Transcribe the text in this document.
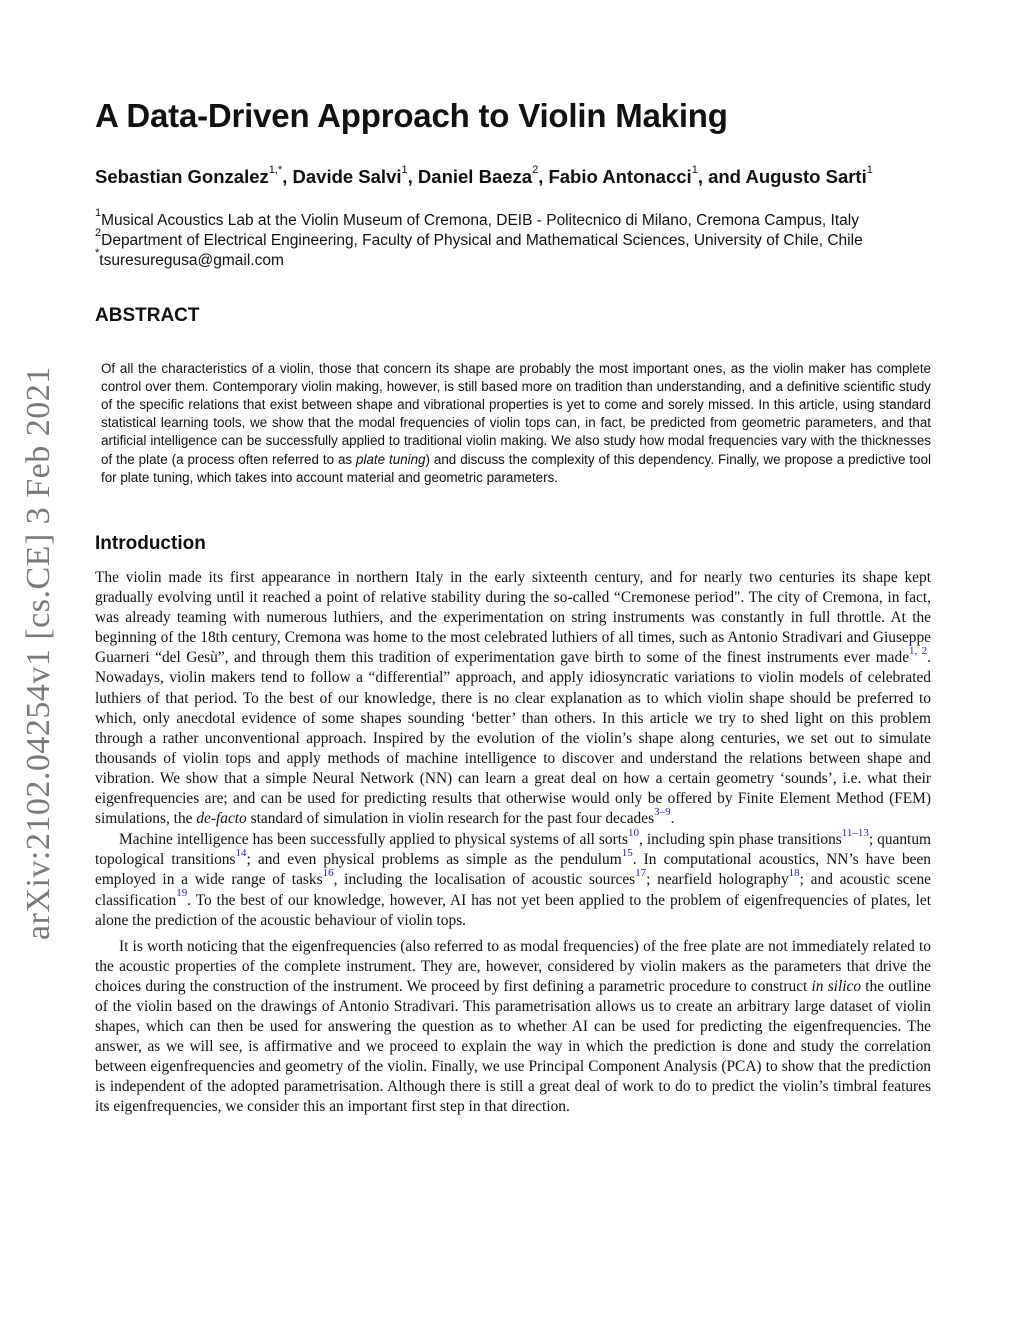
arXiv:2102.04254v1 [cs.CE] 3 Feb 2021
A Data-Driven Approach to Violin Making
Sebastian Gonzalez$^{1,*}$, Davide Salvi$^1$, Daniel Baeza$^2$, Fabio Antonacci$^1$, and Augusto Sarti$^1$
$^1$Musical Acoustics Lab at the Violin Museum of Cremona, DEIB - Politecnico di Milano, Cremona Campus, Italy
$^2$Department of Electrical Engineering, Faculty of Physical and Mathematical Sciences, University of Chile, Chile
*tsuresuregusa@gmail.com
ABSTRACT
Of all the characteristics of a violin, those that concern its shape are probably the most important ones, as the violin maker has complete control over them. Contemporary violin making, however, is still based more on tradition than understanding, and a definitive scientific study of the specific relations that exist between shape and vibrational properties is yet to come and sorely missed. In this article, using standard statistical learning tools, we show that the modal frequencies of violin tops can, in fact, be predicted from geometric parameters, and that artificial intelligence can be successfully applied to traditional violin making. We also study how modal frequencies vary with the thicknesses of the plate (a process often referred to as plate tuning) and discuss the complexity of this dependency. Finally, we propose a predictive tool for plate tuning, which takes into account material and geometric parameters.
Introduction

The violin made its first appearance in northern Italy in the early sixteenth century, and for nearly two centuries its shape kept gradually evolving until it reached a point of relative stability during the so-called “Cremonese period". The city of Cremona, in fact, was already teaming with numerous luthiers, and the experimentation on string instruments was constantly in full throttle. At the beginning of the 18th century, Cremona was home to the most celebrated luthiers of all times, such as Antonio Stradivari and Giuseppe Guarneri “del Gesù”, and through them this tradition of experimentation gave birth to some of the finest instruments ever made$^{1, 2}$. Nowadays, violin makers tend to follow a “differential” approach, and apply idiosyncratic variations to violin models of celebrated luthiers of that period. To the best of our knowledge, there is no clear explanation as to which violin shape should be preferred to which, only anecdotal evidence of some shapes sounding ‘better’ than others. In this article we try to shed light on this problem through a rather unconventional approach. Inspired by the evolution of the violin’s shape along centuries, we set out to simulate thousands of violin tops and apply methods of machine intelligence to discover and understand the relations between shape and vibration. We show that a simple Neural Network (NN) can learn a great deal on how a certain geometry ‘sounds’, i.e. what their eigenfrequencies are; and can be used for predicting results that otherwise would only be offered by Finite Element Method (FEM) simulations, the de-facto standard of simulation in violin research for the past four decades$^{3-9}$.

Machine intelligence has been successfully applied to physical systems of all sorts$^{10}$, including spin phase transitions$^{11-13}$; quantum topological transitions$^{14}$; and even physical problems as simple as the pendulum$^{15}$. In computational acoustics, NN’s have been employed in a wide range of tasks$^{16}$, including the localisation of acoustic sources$^{17}$; nearfield holography$^{18}$; and acoustic scene classification$^{19}$. To the best of our knowledge, however, AI has not yet been applied to the problem of eigenfrequencies of plates, let alone the prediction of the acoustic behaviour of violin tops.

It is worth noticing that the eigenfrequencies (also referred to as modal frequencies) of the free plate are not immediately related to the acoustic properties of the complete instrument. They are, however, considered by violin makers as the parameters that drive the choices during the construction of the instrument. We proceed by first defining a parametric procedure to construct in silico the outline of the violin based on the drawings of Antonio Stradivari. This parametrisation allows us to create an arbitrary large dataset of violin shapes, which can then be used for answering the question as to whether AI can be used for predicting the eigenfrequencies. The answer, as we will see, is affirmative and we proceed to explain the way in which the prediction is done and study the correlation between eigenfrequencies and geometry of the violin. Finally, we use Principal Component Analysis (PCA) to show that the prediction is independent of the adopted parametrisation. Although there is still a great deal of work to do to predict the violin’s timbral features its eigenfrequencies, we consider this an important first step in that direction.
